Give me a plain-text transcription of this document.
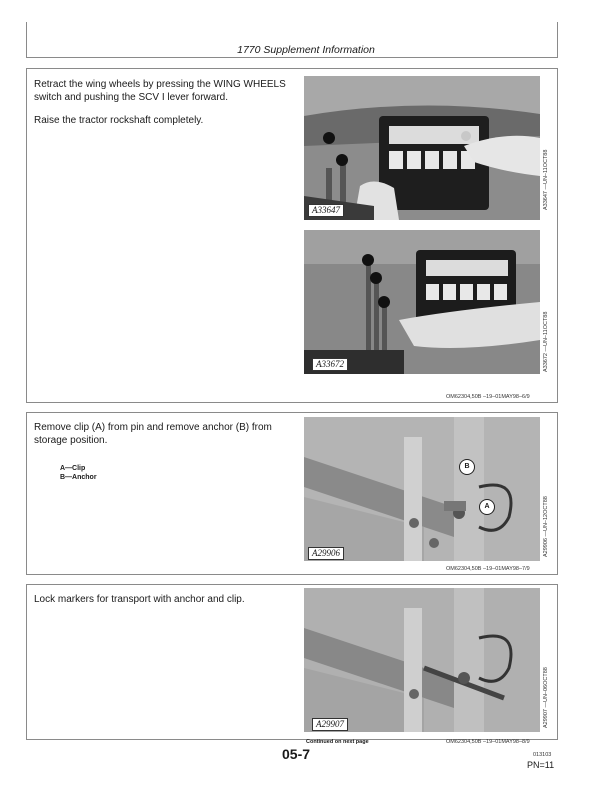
1770 Supplement Information

Retract the wing wheels by pressing the WING WHEELS switch and pushing the SCV I lever forward.

Raise the tractor rockshaft completely.

A33647	A33647 —UN–11OCT88
A33672	A33672 —UN–11OCT88
OM62304,50B –19–01MAY98–6/9

Remove clip (A) from pin and remove anchor (B) from storage position.

A—Clip
B—Anchor
A29906
B
A	A29906 —UN–12OCT88
OM62304,50B –19–01MAY98–7/9

Lock markers for transport with anchor and clip.

A29907	A29907 —UN–06OCT88
Continued on next page	OM62304,50B –19–01MAY98–8/9
05-7	013103
PN=11
